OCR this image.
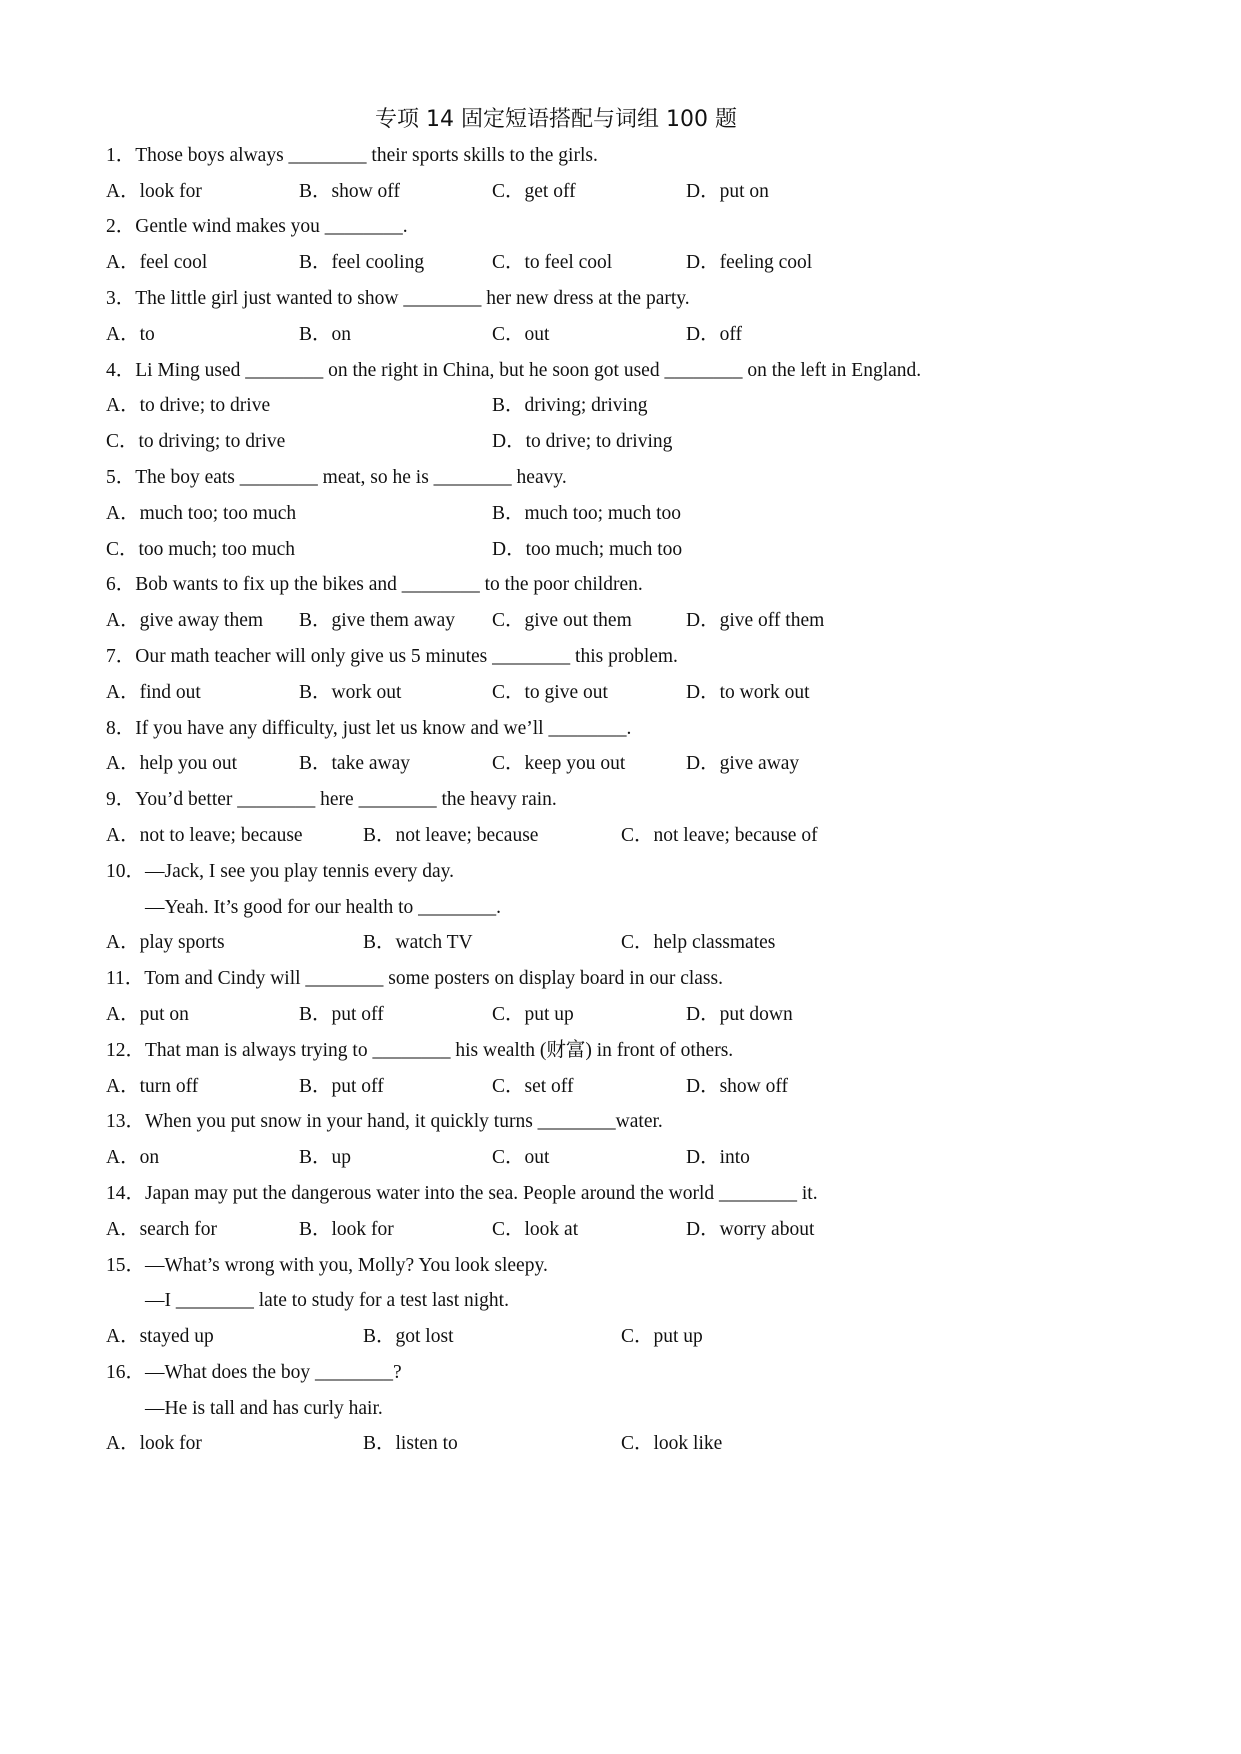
专项 14 固定短语搭配与词组 100 题
1．Those boys always ________ their sports skills to the girls.
A．look for	B．show off	C．get off	D．put on
2．Gentle wind makes you ________.
A．feel cool	B．feel cooling	C．to feel cool	D．feeling cool
3．The little girl just wanted to show ________ her new dress at the party.
A．to	B．on	C．out	D．off
4．Li Ming used ________ on the right in China, but he soon got used ________ on the left in England.
A．to drive; to drive	B．driving; driving
C．to driving; to drive	D．to drive; to driving
5．The boy eats ________ meat, so he is ________ heavy.
A．much too; too much	B．much too; much too
C．too much; too much	D．too much; much too
6．Bob wants to fix up the bikes and ________ to the poor children.
A．give away them B．give them away C．give out them	D．give off them
7．Our math teacher will only give us 5 minutes ________ this problem.
A．find out	B．work out	C．to give out	D．to work out
8．If you have any difficulty, just let us know and we’ll ________.
A．help you out	B．take away	C．keep you out	D．give away
9．You’d better ________ here ________ the heavy rain.
A．not to leave; because	B．not leave; because	C．not leave; because of
10．—Jack, I see you play tennis every day.
—Yeah. It’s good for our health to ________.
A．play sports	B．watch TV	C．help classmates
11．Tom and Cindy will ________ some posters on display board in our class.
A．put on	B．put off	C．put up	D．put down
12．That man is always trying to ________ his wealth (财富) in front of others.
A．turn off	B．put off	C．set off	D．show off
13．When you put snow in your hand, it quickly turns ________water.
A．on	B．up	C．out	D．into
14．Japan may put the dangerous water into the sea. People around the world ________ it.
A．search for	B．look for	C．look at	D．worry about
15．—What’s wrong with you, Molly? You look sleepy.
—I ________ late to study for a test last night.
A．stayed up	B．got lost	C．put up
16．—What does the boy ________?
—He is tall and has curly hair.
A．look for	B．listen to	C．look like
